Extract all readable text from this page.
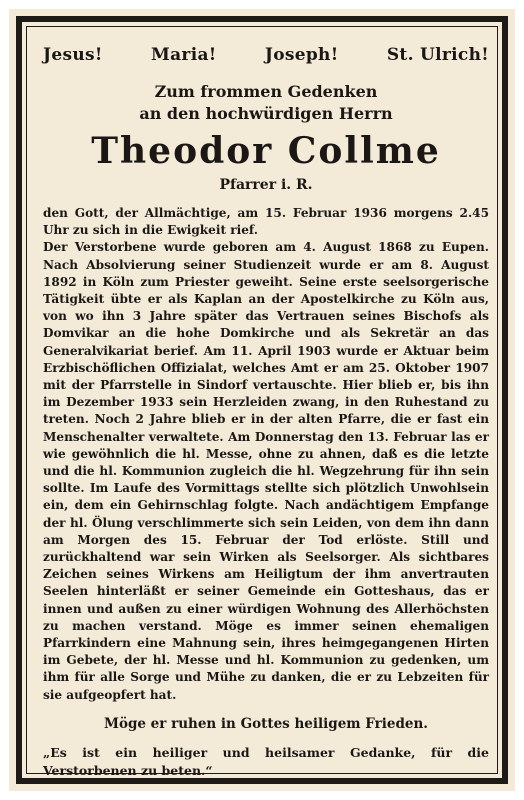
Jesus!	Maria!	Joseph!	St. Ulrich!

Zum frommen Gedenken

an den hochwürdigen Herrn

Theodor Collme

Pfarrer i. R.

den Gott, der Allmächtige, am 15. Februar 1936 morgens 2.45 Uhr zu sich in die Ewigkeit rief.

Der Verstorbene wurde geboren am 4. August 1868 zu Eupen. Nach Absolvierung seiner Studienzeit wurde er am 8. August 1892 in Köln zum Priester geweiht. Seine erste seelsorgerische Tätigkeit übte er als Kaplan an der Apostelkirche zu Köln aus, von wo ihn 3 Jahre später das Vertrauen seines Bischofs als Domvikar an die hohe Domkirche und als Sekretär an das Generalvikariat berief. Am 11. April 1903 wurde er Aktuar beim Erzbischöflichen Offizialat, welches Amt er am 25. Oktober 1907 mit der Pfarrstelle in Sindorf vertauschte. Hier blieb er, bis ihn im Dezember 1933 sein Herzleiden zwang, in den Ruhestand zu treten. Noch 2 Jahre blieb er in der alten Pfarre, die er fast ein Menschenalter verwaltete. Am Donnerstag den 13. Februar las er wie gewöhnlich die hl. Messe, ohne zu ahnen, daß es die letzte und die hl. Kommunion zugleich die hl. Wegzehrung für ihn sein sollte. Im Laufe des Vormittags stellte sich plötzlich Unwohlsein ein, dem ein Gehirnschlag folgte. Nach andächtigem Empfange der hl. Ölung verschlimmerte sich sein Leiden, von dem ihn dann am Morgen des 15. Februar der Tod erlöste. Still und zurückhaltend war sein Wirken als Seelsorger. Als sichtbares Zeichen seines Wirkens am Heiligtum der ihm anvertrauten Seelen hinterläßt er seiner Gemeinde ein Gotteshaus, das er innen und außen zu einer würdigen Wohnung des Allerhöchsten zu machen verstand. Möge es immer seinen ehemaligen Pfarrkindern eine Mahnung sein, ihres heimgegangenen Hirten im Gebete, der hl. Messe und hl. Kommunion zu gedenken, um ihm für alle Sorge und Mühe zu danken, die er zu Lebzeiten für sie aufgeopfert hat.

Möge er ruhen in Gottes heiligem Frieden.

„Es ist ein heiliger und heilsamer Gedanke, für die Verstorbenen zu beten.“
